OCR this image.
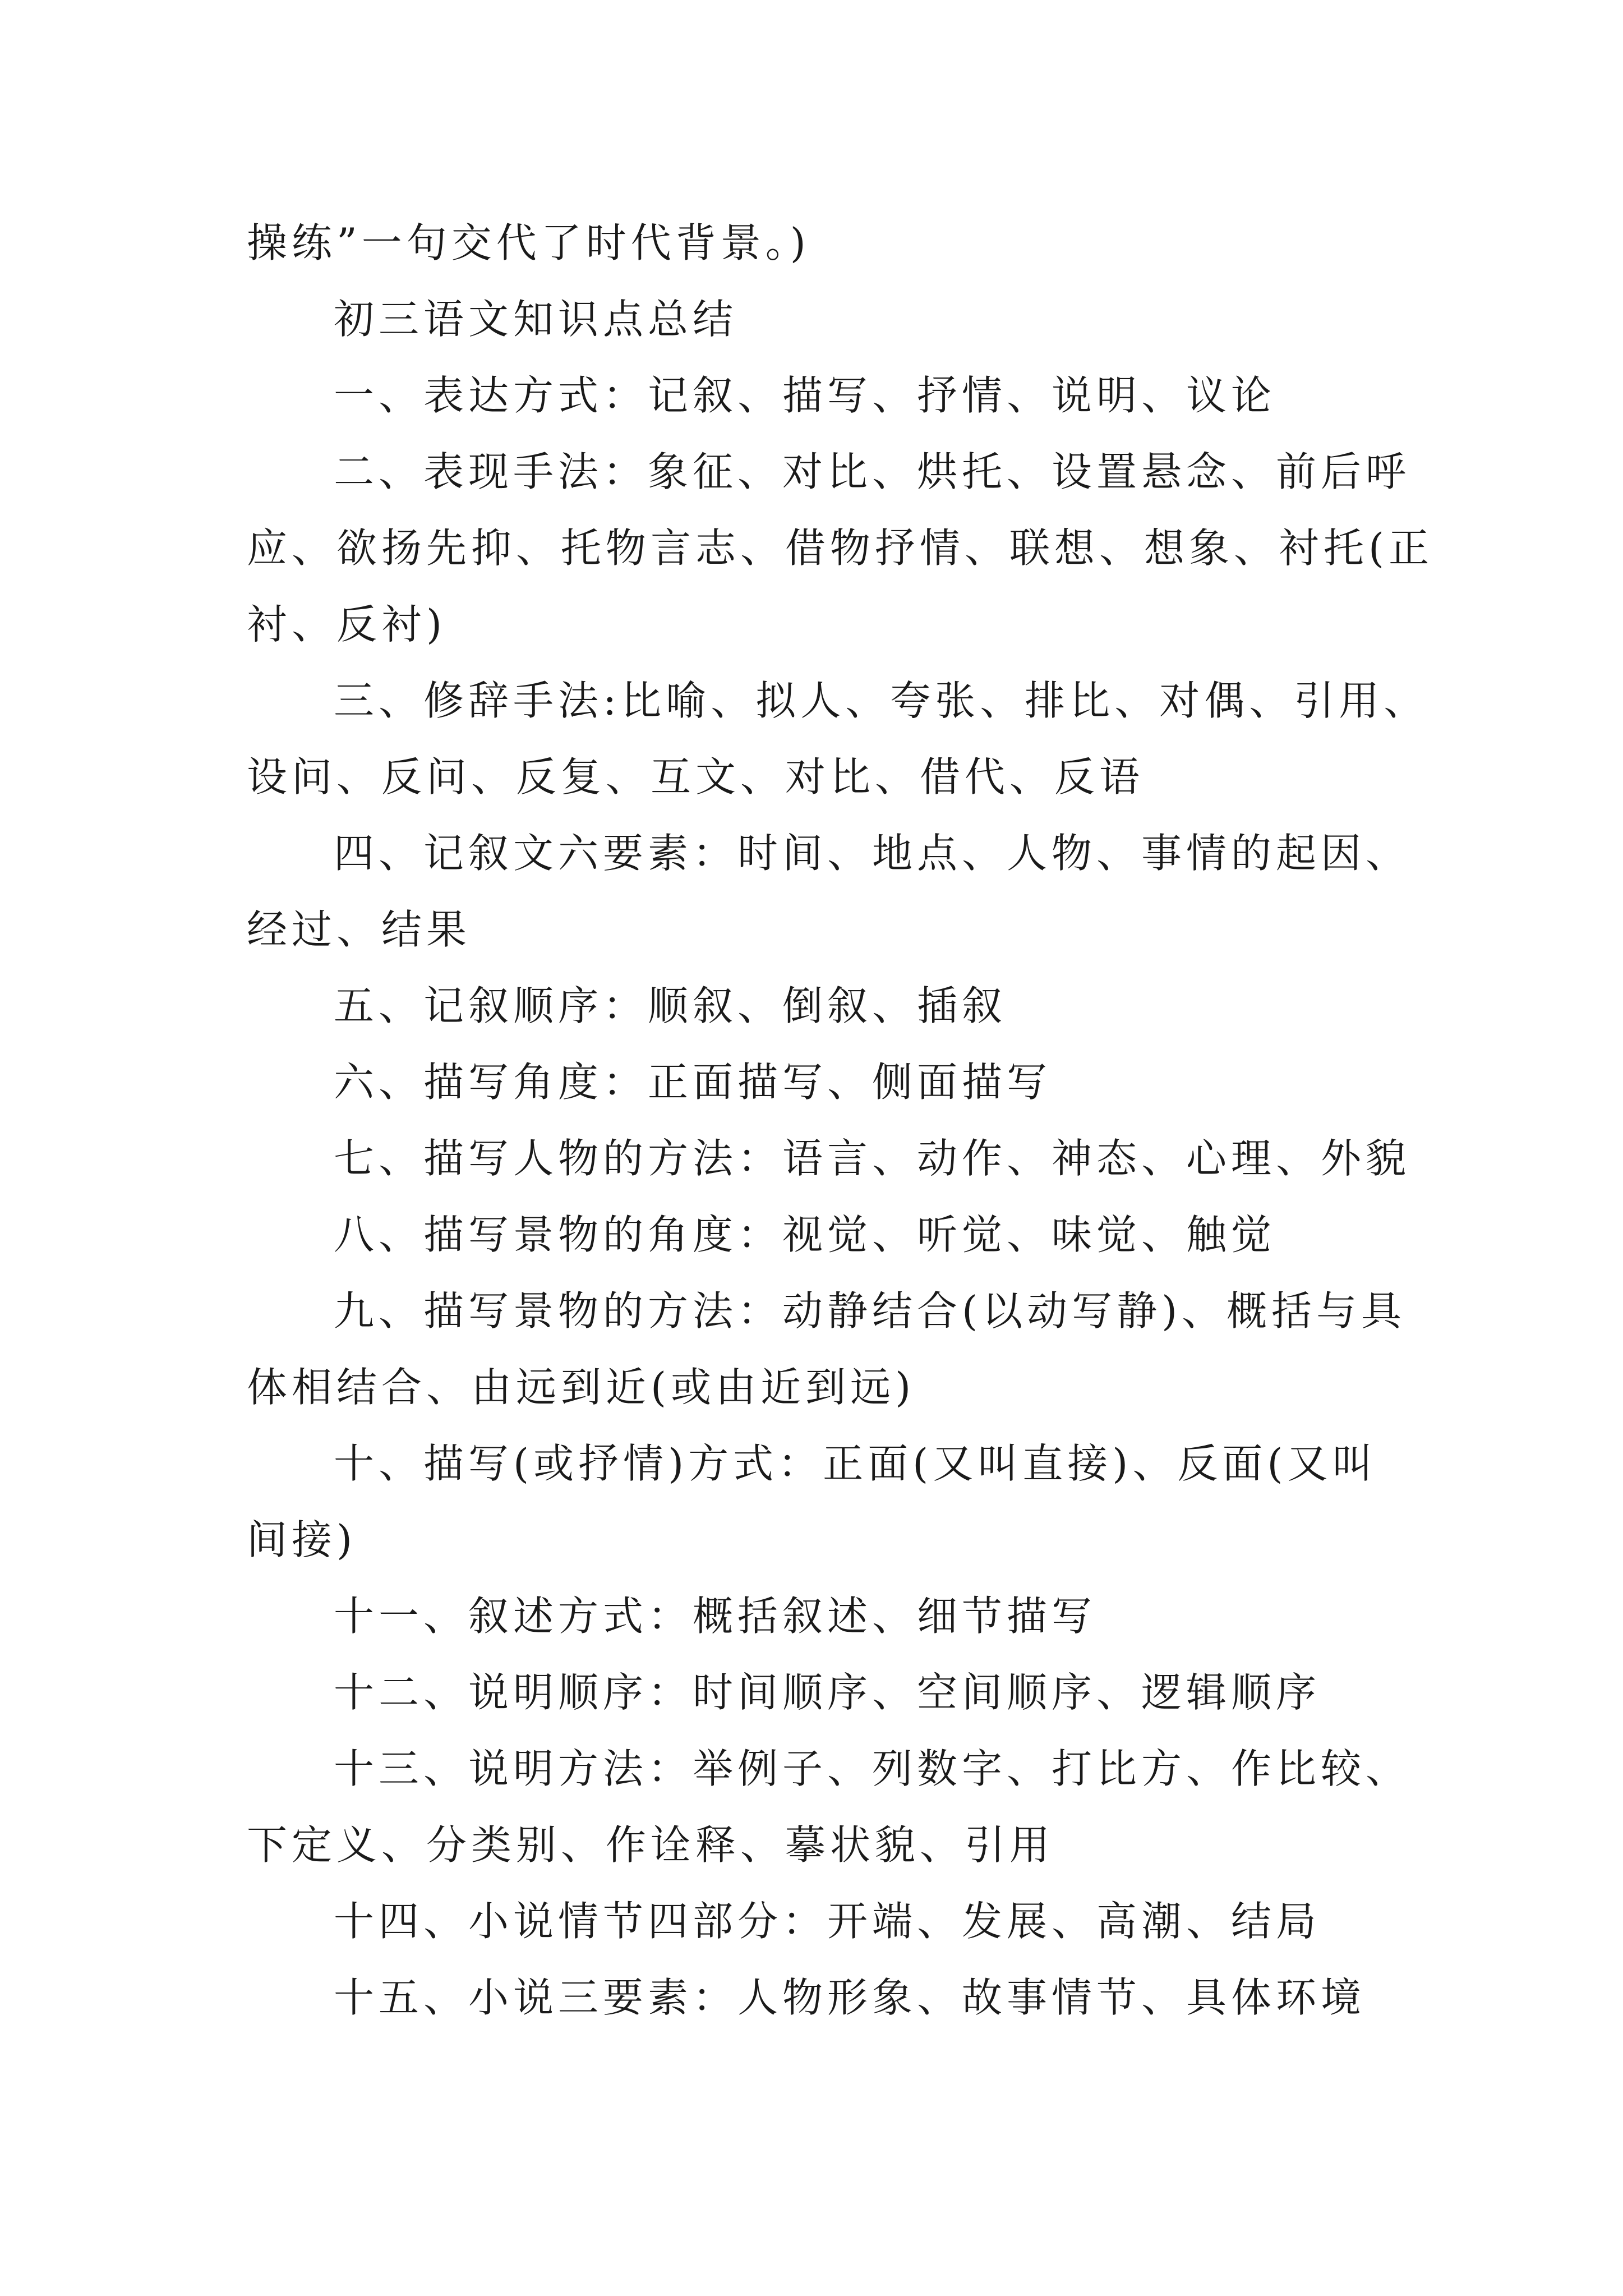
操练”一句交代了时代背景。)
初三语文知识点总结
一、表达方式：记叙、描写、抒情、说明、议论
二、表现手法：象征、对比、烘托、设置悬念、前后呼
应、欲扬先抑、托物言志、借物抒情、联想、想象、衬托(正
衬、反衬)
三、修辞手法:比喻、拟人、夸张、排比、对偶、引用、
设问、反问、反复、互文、对比、借代、反语
四、记叙文六要素：时间、地点、人物、事情的起因、
经过、结果
五、记叙顺序：顺叙、倒叙、插叙
六、描写角度：正面描写、侧面描写
七、描写人物的方法：语言、动作、神态、心理、外貌
八、描写景物的角度：视觉、听觉、味觉、触觉
九、描写景物的方法：动静结合(以动写静)、概括与具
体相结合、由远到近(或由近到远)
十、描写(或抒情)方式：正面(又叫直接)、反面(又叫
间接)
十一、叙述方式：概括叙述、细节描写
十二、说明顺序：时间顺序、空间顺序、逻辑顺序
十三、说明方法：举例子、列数字、打比方、作比较、
下定义、分类别、作诠释、摹状貌、引用
十四、小说情节四部分：开端、发展、高潮、结局
十五、小说三要素：人物形象、故事情节、具体环境
